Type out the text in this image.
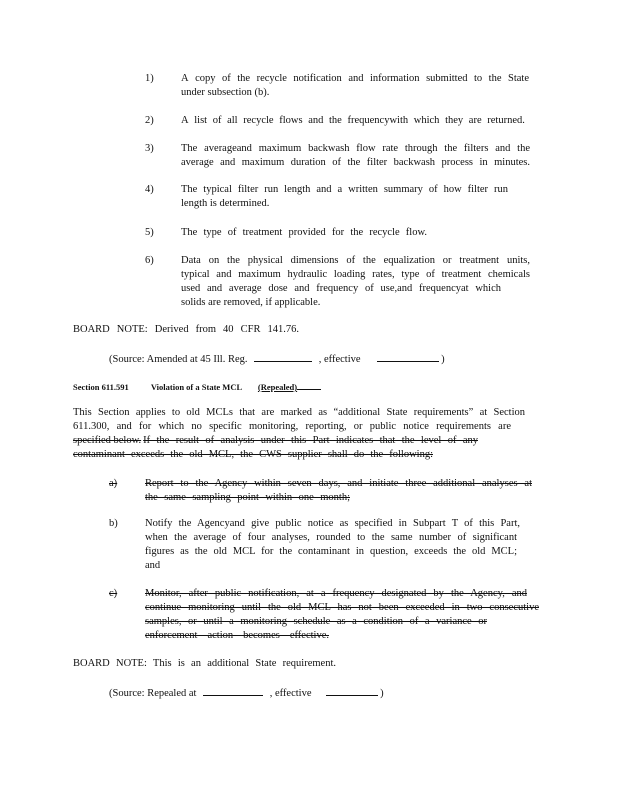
1)	A copy of the recycle notification and information submitted to the State
under subsection (b).
2)	A list of all recycle flows and the frequencywith which they are returned.
3)	The averageand maximum backwash flow rate through the filters and the
average and maximum duration of the filter backwash process in minutes.
4)	The typical filter run length and a written summary of how filter run
length is determined.
5)	The type of treatment provided for the recycle flow.
6)	Data on the physical dimensions of the equalization or treatment units,
typical and maximum hydraulic loading rates, type of treatment chemicals
used and average dose and frequency of use,and frequencyat which
solids are removed, if applicable.
BOARD NOTE: Derived from 40 CFR 141.76.
(Source: Amended at 45 Ill. Reg.	, effective	)
Section 611.591	Violation of a State MCL (Repealed)
This Section applies to old MCLs that are marked as “additional State requirements” at Section
611.300, and for which no specific monitoring, reporting, or public notice requirements are
specified below. If the result of analysis under this Part indicates that the level of any
contaminant exceeds the old MCL, the CWS supplier shall do the following:
a)	Report to the Agency within seven days, and initiate three additional analyses at
the same sampling point within one month;
b)	Notify the Agencyand give public notice as specified in Subpart T of this Part,
when the average of four analyses, rounded to the same number of significant
figures as the old MCL for the contaminant in question, exceeds the old MCL;
and
c)	Monitor, after public notification, at a frequency designated by the Agency, and
continue monitoring until the old MCL has not been exceeded in two consecutive
samples, or until a monitoring schedule as a condition of a variance or
enforcement action becomes effective.
BOARD NOTE: This is an additional State requirement.
(Source: Repealed at	, effective	)
